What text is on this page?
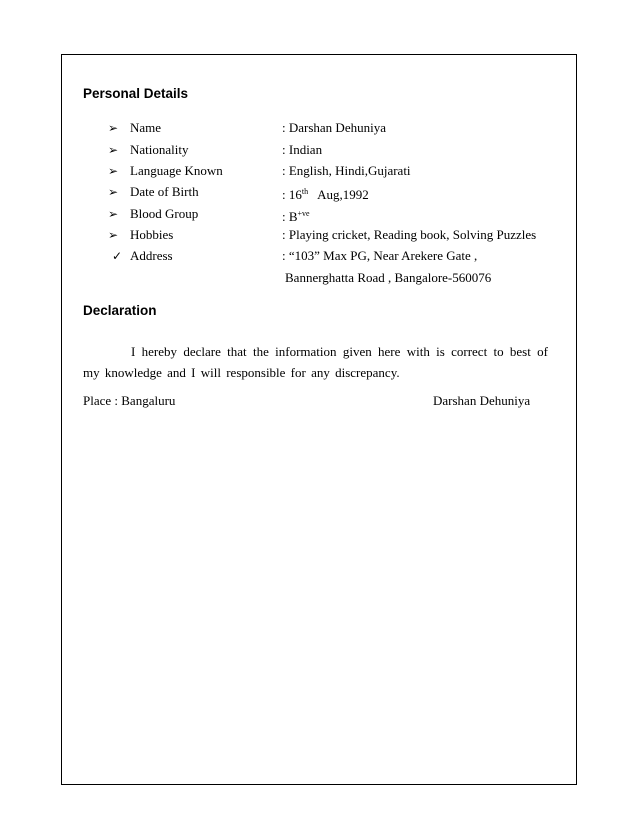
Personal Details
➢ Name	: Darshan Dehuniya
➢ Nationality	: Indian
➢ Language Known	: English, Hindi,Gujarati
➢ Date of Birth	: 16th   Aug,1992
➢ Blood Group	: $B^{+ve}$
➢ Hobbies	: Playing cricket, Reading book, Solving Puzzles
✓ Address	: “103” Max PG, Near Arekere Gate ,
Bannerghatta Road , Bangalore-560076
Declaration
I hereby declare that the information given here with is correct to best of my knowledge and I will responsible for any discrepancy.
Place : Bangaluru	Darshan Dehuniya
